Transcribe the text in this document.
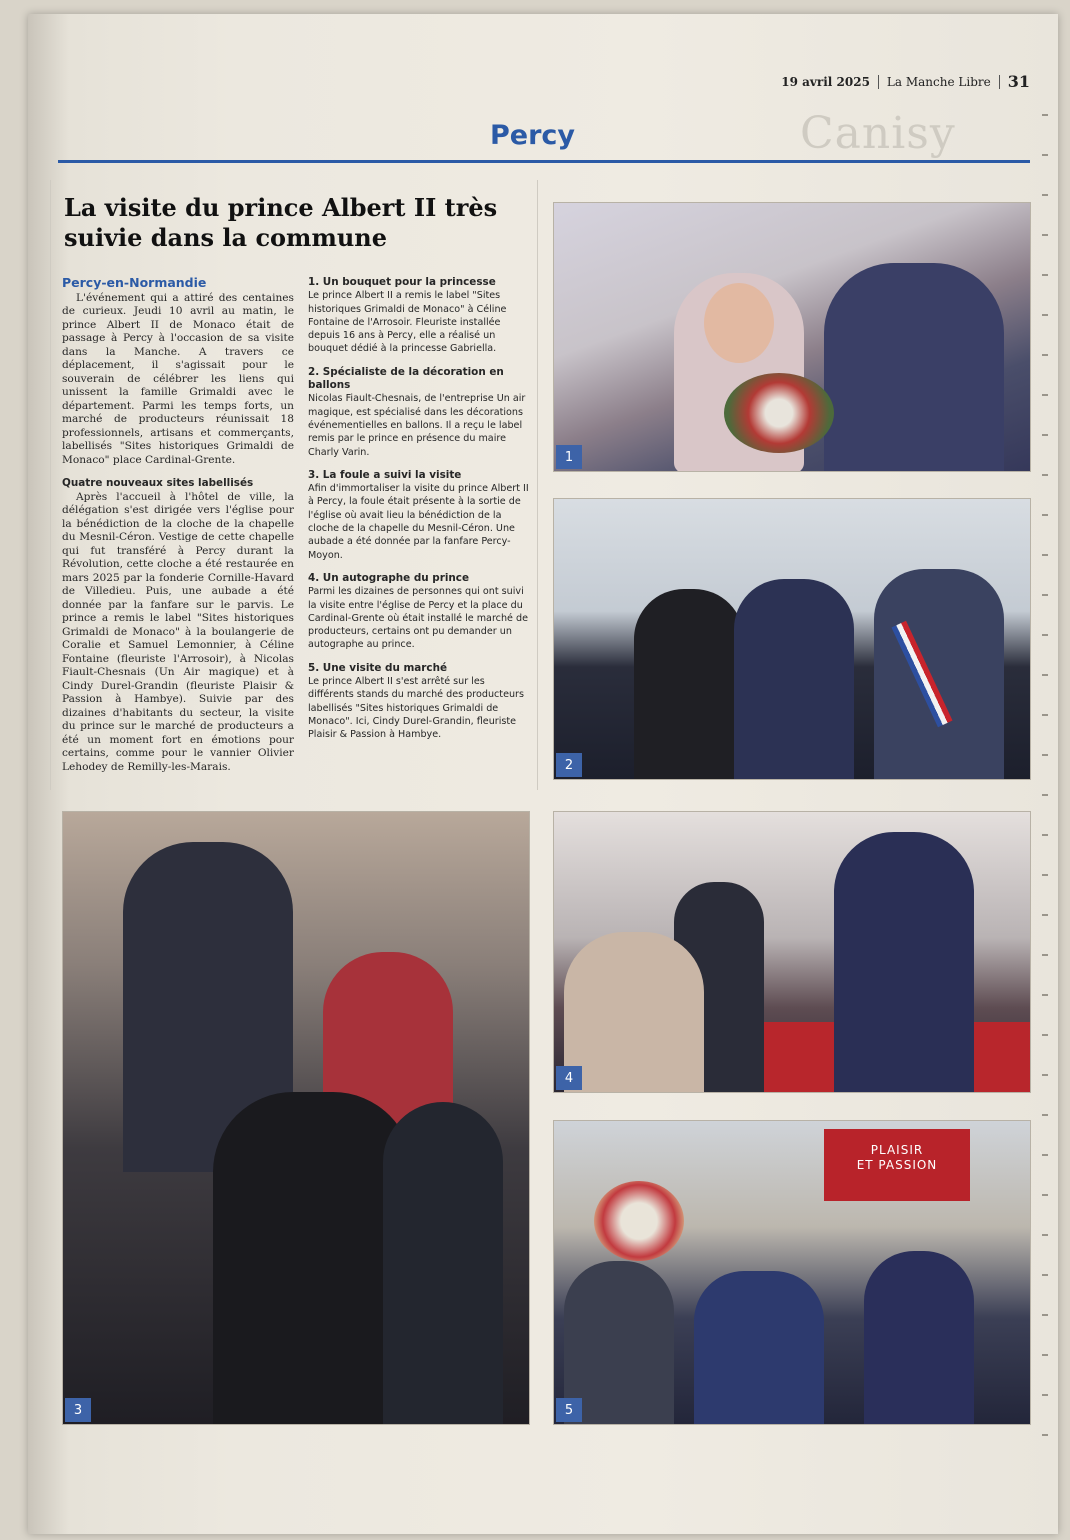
Canisy
19 avril 2025 La Manche Libre 31
Percy
La visite du prince Albert II très suivie dans la commune
Percy-en-Normandie
L'événement qui a attiré des centaines de curieux. Jeudi 10 avril au matin, le prince Albert II de Monaco était de passage à Percy à l'occasion de sa visite dans la Manche. A travers ce déplacement, il s'agissait pour le souverain de célébrer les liens qui unissent la famille Grimaldi avec le département. Parmi les temps forts, un marché de producteurs réunissait 18 professionnels, artisans et commerçants, labellisés "Sites historiques Grimaldi de Monaco" place Cardinal-Grente.
Quatre nouveaux sites labellisés
Après l'accueil à l'hôtel de ville, la délégation s'est dirigée vers l'église pour la bénédiction de la cloche de la chapelle du Mesnil-Céron. Vestige de cette chapelle qui fut transféré à Percy durant la Révolution, cette cloche a été restaurée en mars 2025 par la fonderie Cornille-Havard de Villedieu. Puis, une aubade a été donnée par la fanfare sur le parvis. Le prince a remis le label "Sites historiques Grimaldi de Monaco" à la boulangerie de Coralie et Samuel Lemonnier, à Céline Fontaine (fleuriste l'Arrosoir), à Nicolas Fiault-Chesnais (Un Air magique) et à Cindy Durel-Grandin (fleuriste Plaisir & Passion à Hambye). Suivie par des dizaines d'habitants du secteur, la visite du prince sur le marché de producteurs a été un moment fort en émotions pour certains, comme pour le vannier Olivier Lehodey de Remilly-les-Marais.
1. Un bouquet pour la princesse
Le prince Albert II a remis le label "Sites historiques Grimaldi de Monaco" à Céline Fontaine de l'Arrosoir. Fleuriste installée depuis 16 ans à Percy, elle a réalisé un bouquet dédié à la princesse Gabriella.
2. Spécialiste de la décoration en ballons
Nicolas Fiault-Chesnais, de l'entreprise Un air magique, est spécialisé dans les décorations événementielles en ballons. Il a reçu le label remis par le prince en présence du maire Charly Varin.
3. La foule a suivi la visite
Afin d'immortaliser la visite du prince Albert II à Percy, la foule était présente à la sortie de l'église où avait lieu la bénédiction de la cloche de la chapelle du Mesnil-Céron. Une aubade a été donnée par la fanfare Percy-Moyon.
4. Un autographe du prince
Parmi les dizaines de personnes qui ont suivi la visite entre l'église de Percy et la place du Cardinal-Grente où était installé le marché de producteurs, certains ont pu demander un autographe au prince.
5. Une visite du marché
Le prince Albert II s'est arrêté sur les différents stands du marché des producteurs labellisés "Sites historiques Grimaldi de Monaco". Ici, Cindy Durel-Grandin, fleuriste Plaisir & Passion à Hambye.
1
2
3
4
PLAISIR
ET PASSION
5
